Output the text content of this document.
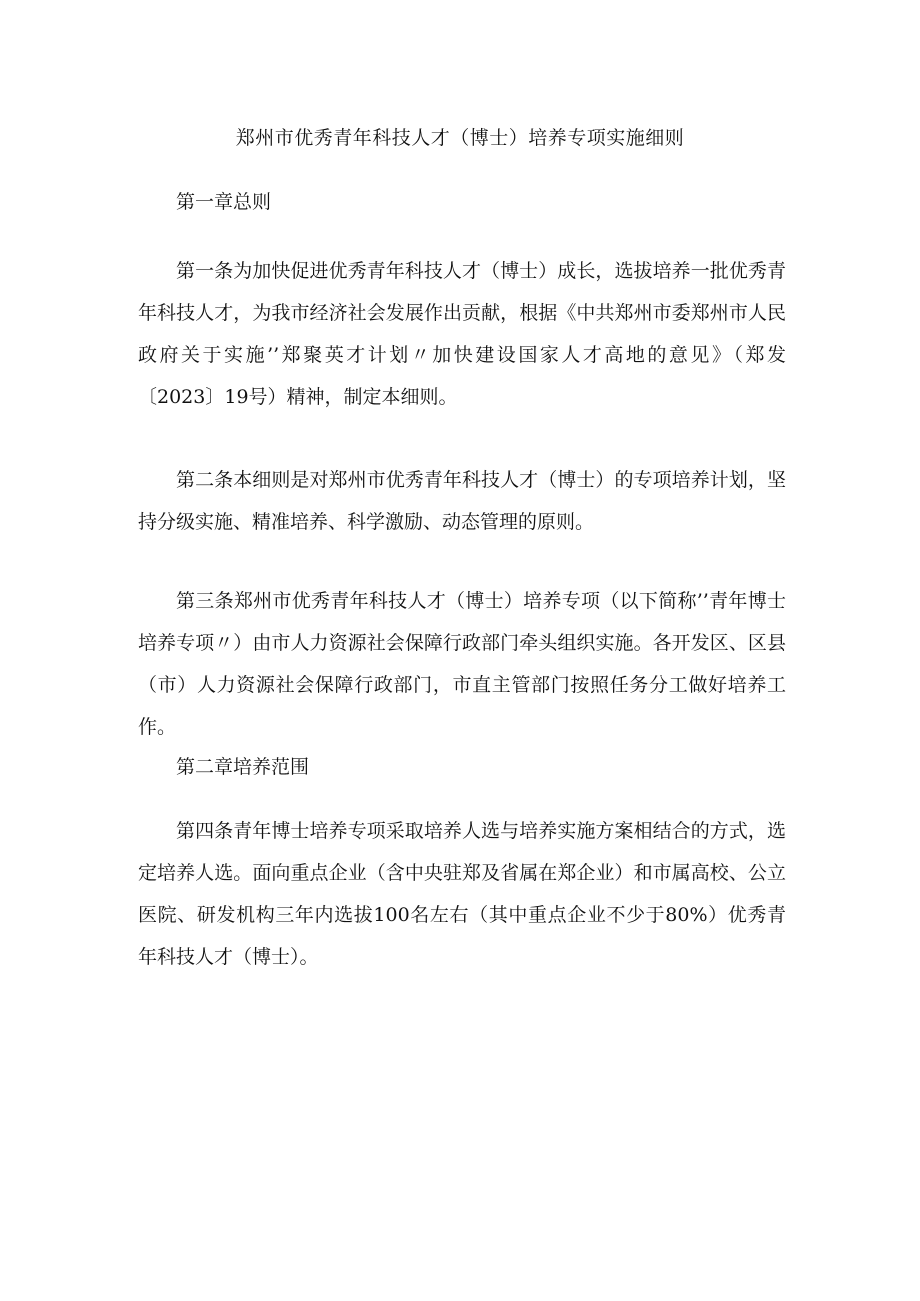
郑州市优秀青年科技人才（博士）培养专项实施细则
第一章总则
第一条为加快促进优秀青年科技人才（博士）成长，选拔培养一批优秀青年科技人才，为我市经济社会发展作出贡献，根据《中共郑州市委郑州市人民政府关于实施’’郑聚英才计划〃加快建设国家人才高地的意见》（郑发〔2023〕19号）精神，制定本细则。
第二条本细则是对郑州市优秀青年科技人才（博士）的专项培养计划，坚持分级实施、精准培养、科学激励、动态管理的原则。
第三条郑州市优秀青年科技人才（博士）培养专项（以下简称’’青年博士培养专项〃）由市人力资源社会保障行政部门牵头组织实施。各开发区、区县（市）人力资源社会保障行政部门，市直主管部门按照任务分工做好培养工作。
第二章培养范围
第四条青年博士培养专项采取培养人选与培养实施方案相结合的方式，选定培养人选。面向重点企业（含中央驻郑及省属在郑企业）和市属高校、公立医院、研发机构三年内选拔100名左右（其中重点企业不少于80%）优秀青年科技人才（博士）。
